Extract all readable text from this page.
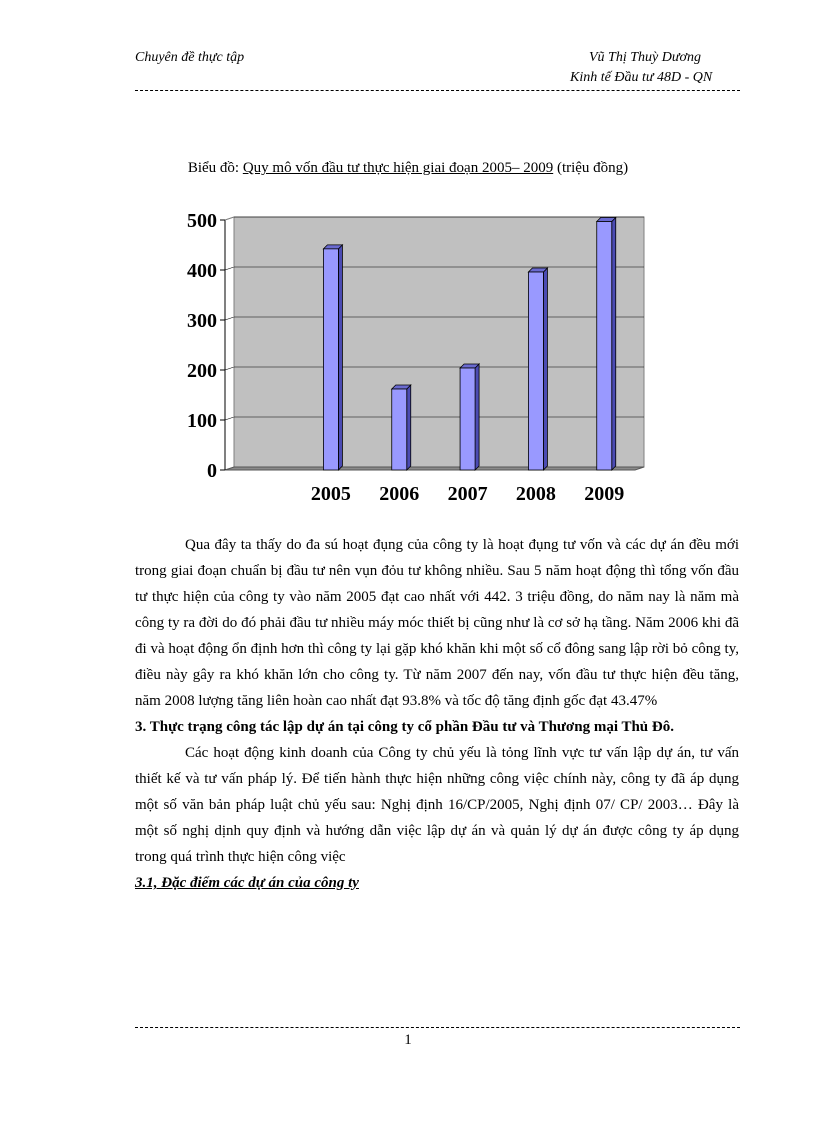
Chuyên đề thực tập	Vũ Thị Thuỳ Dương
Kinh tế Đầu tư 48D - QN
Biểu đồ: Quy mô vốn đầu tư thực hiện giai đoạn 2005– 2009 (triệu đồng)
0
100
200
300
400
500
2005 2006 2007 2008 2009

Qua đây ta thấy do đa sú hoạt đụng của công ty là hoạt đụng tư vốn và các dự án đều mới trong giai đoạn chuẩn bị đầu tư nên vụn đỏu tư không nhiều. Sau 5 năm hoạt động thì tổng vốn đầu tư thực hiện của công ty vào năm 2005 đạt cao nhất với 442. 3 triệu đồng, do năm nay là năm mà công ty ra đời do đó phải đầu tư nhiều máy móc thiết bị cũng như là cơ sở hạ tầng. Năm 2006 khi đã đi và hoạt động ổn định hơn thì công ty lại gặp khó khăn khi một số cổ đông sang lập rời bỏ công ty, điều này gây ra khó khăn lớn cho công ty. Từ năm 2007 đến nay, vốn đầu tư thực hiện đều tăng, năm 2008 lượng tăng liên hoàn cao nhất đạt 93.8% và tốc độ tăng định gốc đạt 43.47%

3. Thực trạng công tác lập dự án tại công ty cổ phần Đầu tư và Thương mại Thủ Đô.

Các hoạt động kinh doanh của Công ty chủ yếu là tỏng lĩnh vực tư vấn lập dự án, tư vấn thiết kế và tư vấn pháp lý. Để tiến hành thực hiện những công việc chính này, công ty đã áp dụng một số văn bản pháp luật chủ yếu sau: Nghị định 16/CP/2005, Nghị định 07/ CP/ 2003… Đây là một số nghị dịnh quy định và hướng dẫn việc lập dự án và quản lý dự án được công ty áp dụng trong quá trình thực hiện công việc

3.1, Đặc điểm các dự án của công ty

1
